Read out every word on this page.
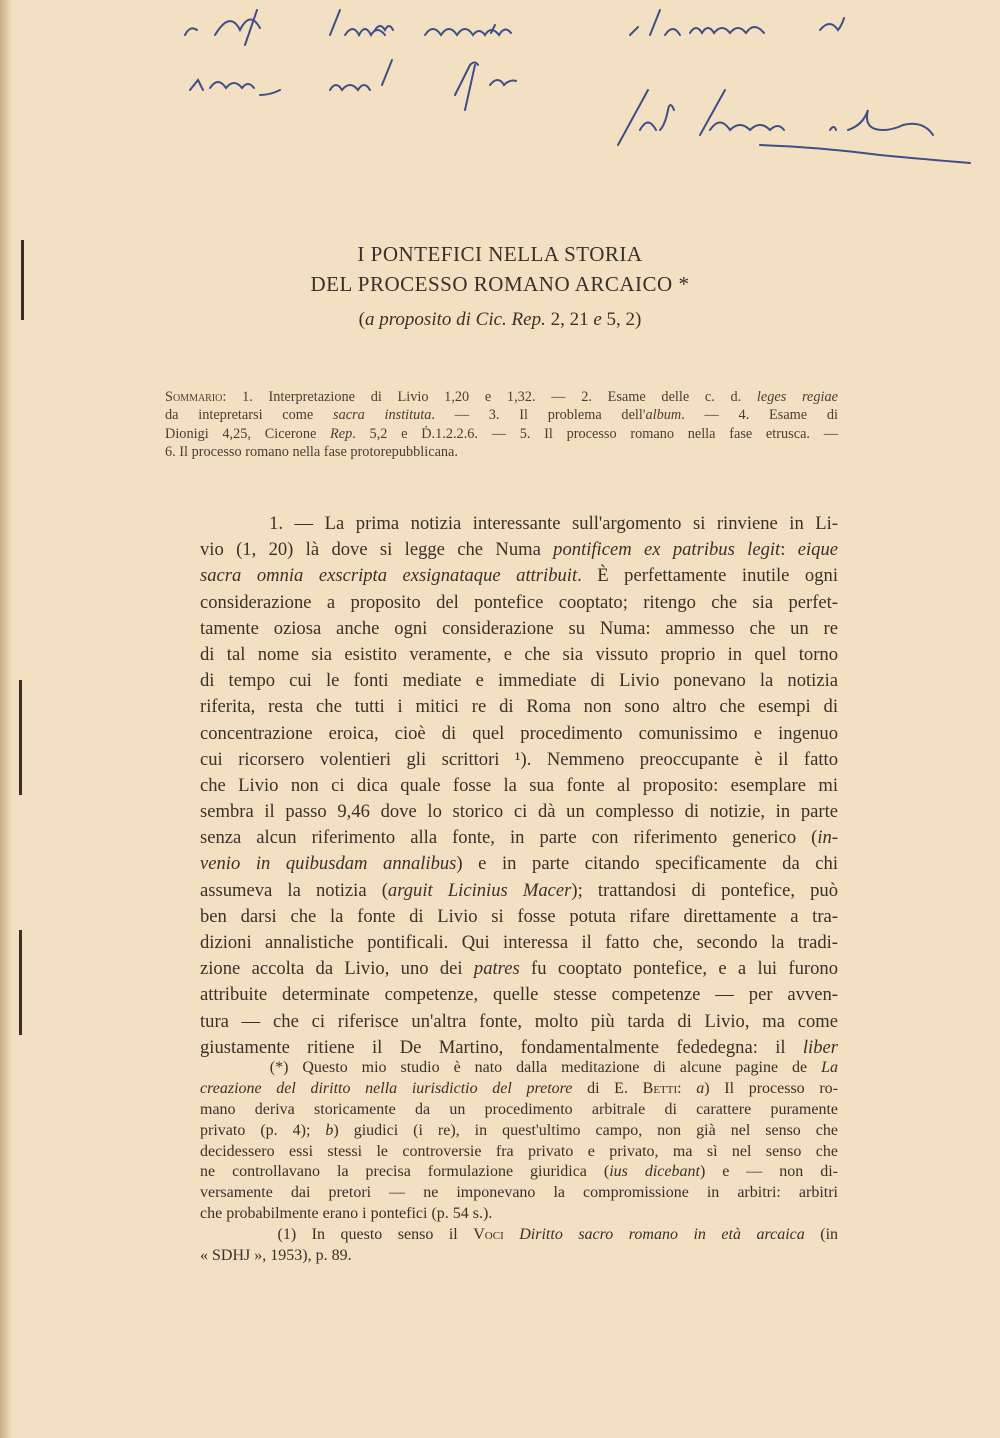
I PONTEFICI NELLA STORIA
DEL PROCESSO ROMANO ARCAICO *
(a proposito di Cic. Rep. 2, 21 e 5, 2)
Sommario: 1. Interpretazione di Livio 1,20 e 1,32. — 2. Esame delle c. d. leges regiae
da intepretarsi come sacra instituta. — 3. Il problema dell'album. — 4. Esame di
Dionigi 4,25, Cicerone Rep. 5,2 e Ḋ.1.2.2.6. — 5. Il processo romano nella fase etrusca. —
6. Il processo romano nella fase protorepubblicana.
1. — La prima notizia interessante sull'argomento si rinviene in Li-
vio (1, 20) là dove si legge che Numa pontificem ex patribus legit: eique
sacra omnia exscripta exsignataque attribuit. È perfettamente inutile ogni
considerazione a proposito del pontefice cooptato; ritengo che sia perfet-
tamente oziosa anche ogni considerazione su Numa: ammesso che un re
di tal nome sia esistito veramente, e che sia vissuto proprio in quel torno
di tempo cui le fonti mediate e immediate di Livio ponevano la notizia
riferita, resta che tutti i mitici re di Roma non sono altro che esempi di
concentrazione eroica, cioè di quel procedimento comunissimo e ingenuo
cui ricorsero volentieri gli scrittori ¹). Nemmeno preoccupante è il fatto
che Livio non ci dica quale fosse la sua fonte al proposito: esemplare mi
sembra il passo 9,46 dove lo storico ci dà un complesso di notizie, in parte
senza alcun riferimento alla fonte, in parte con riferimento generico (in-
venio in quibusdam annalibus) e in parte citando specificamente da chi
assumeva la notizia (arguit Licinius Macer); trattandosi di pontefice, può
ben darsi che la fonte di Livio si fosse potuta rifare direttamente a tra-
dizioni annalistiche pontificali. Qui interessa il fatto che, secondo la tradi-
zione accolta da Livio, uno dei patres fu cooptato pontefice, e a lui furono
attribuite determinate competenze, quelle stesse competenze — per avven-
tura — che ci riferisce un'altra fonte, molto più tarda di Livio, ma come
giustamente ritiene il De Martino, fondamentalmente fededegna: il liber
(*) Questo mio studio è nato dalla meditazione di alcune pagine de La
creazione del diritto nella iurisdictio del pretore di E. Betti: a) Il processo ro-
mano deriva storicamente da un procedimento arbitrale di carattere puramente
privato (p. 4); b) giudici (i re), in quest'ultimo campo, non già nel senso che
decidessero essi stessi le controversie fra privato e privato, ma sì nel senso che
ne controllavano la precisa formulazione giuridica (ius dicebant) e — non di-
versamente dai pretori — ne imponevano la compromissione in arbitri: arbitri
che probabilmente erano i pontefici (p. 54 s.).
(1) In questo senso il Voci Diritto sacro romano in età arcaica (in
« SDHJ », 1953), p. 89.
